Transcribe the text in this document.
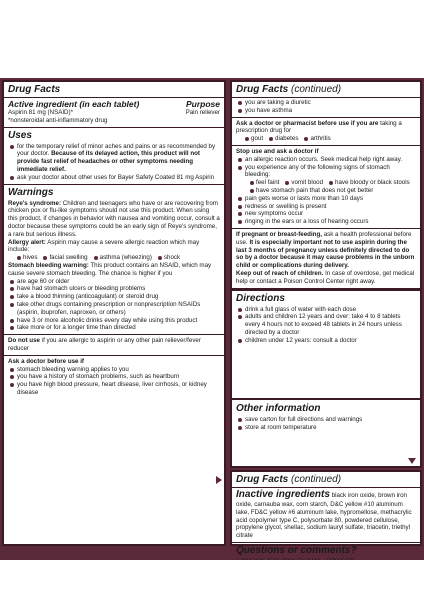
Drug Facts
Active ingredient (in each tablet)	Purpose
Aspirin 81 mg (NSAID)*	Pain reliever
*nonsteroidal anti-inflammatory drug
Uses
for the temporary relief of minor aches and pains or as recommended by your doctor. Because of its delayed action, this product will not provide fast relief of headaches or other symptoms needing immediate relief.
ask your doctor about other uses for Bayer Safety Coated 81 mg Aspirin
Warnings
Reye's syndrome: Children and teenagers who have or are recovering from chicken pox or flu-like symptoms should not use this product. When using this product, if changes in behavior with nausea and vomiting occur, consult a doctor because these symptoms could be an early sign of Reye's syndrome, a rare but serious illness.
Allergy alert: Aspirin may cause a severe allergic reaction which may include:
hives	facial swelling	asthma (wheezing)	shock
Stomach bleeding warning: This product contains an NSAID, which may cause severe stomach bleeding. The chance is higher if you
are age 60 or older
have had stomach ulcers or bleeding problems
take a blood thinning (anticoagulant) or steroid drug
take other drugs containing prescription or nonprescription NSAIDs (aspirin, ibuprofen, naproxen, or others)
have 3 or more alcoholic drinks every day while using this product
take more or for a longer time than directed
Do not use if you are allergic to aspirin or any other pain reliever/fever reducer
Ask a doctor before use if
stomach bleeding warning applies to you
you have a history of stomach problems, such as heartburn
you have high blood pressure, heart disease, liver cirrhosis, or kidney disease
Drug Facts (continued)
you are taking a diuretic
you have asthma
Ask a doctor or pharmacist before use if you are taking a prescription drug for
gout	diabetes	arthritis
Stop use and ask a doctor if
an allergic reaction occurs. Seek medical help right away.
you experience any of the following signs of stomach bleeding:
feel faint	vomit blood	have bloody or black stools
have stomach pain that does not get better
pain gets worse or lasts more than 10 days
redness or swelling is present
new symptoms occur
ringing in the ears or a loss of hearing occurs
If pregnant or breast-feeding, ask a health professional before use. It is especially important not to use aspirin during the last 3 months of pregnancy unless definitely directed to do so by a doctor because it may cause problems in the unborn child or complications during delivery.
Keep out of reach of children. In case of overdose, get medical help or contact a Poison Control Center right away.
Directions
drink a full glass of water with each dose
adults and children 12 years and over: take 4 to 8 tablets every 4 hours not to exceed 48 tablets in 24 hours unless directed by a doctor
children under 12 years: consult a doctor
Other information
save carton for full directions and warnings
store at room temperature
Drug Facts (continued)
Inactive ingredients black iron oxide, brown iron oxide, carnauba wax, corn starch, D&C yellow #10 aluminum lake, FD&C yellow #6 aluminum lake, hypromellose, methacrylic acid copolymer type C, polysorbate 80, powdered cellulose, propylene glycol, shellac, sodium lauryl sulfate, triacetin, triethyl citrate
Questions or comments?
